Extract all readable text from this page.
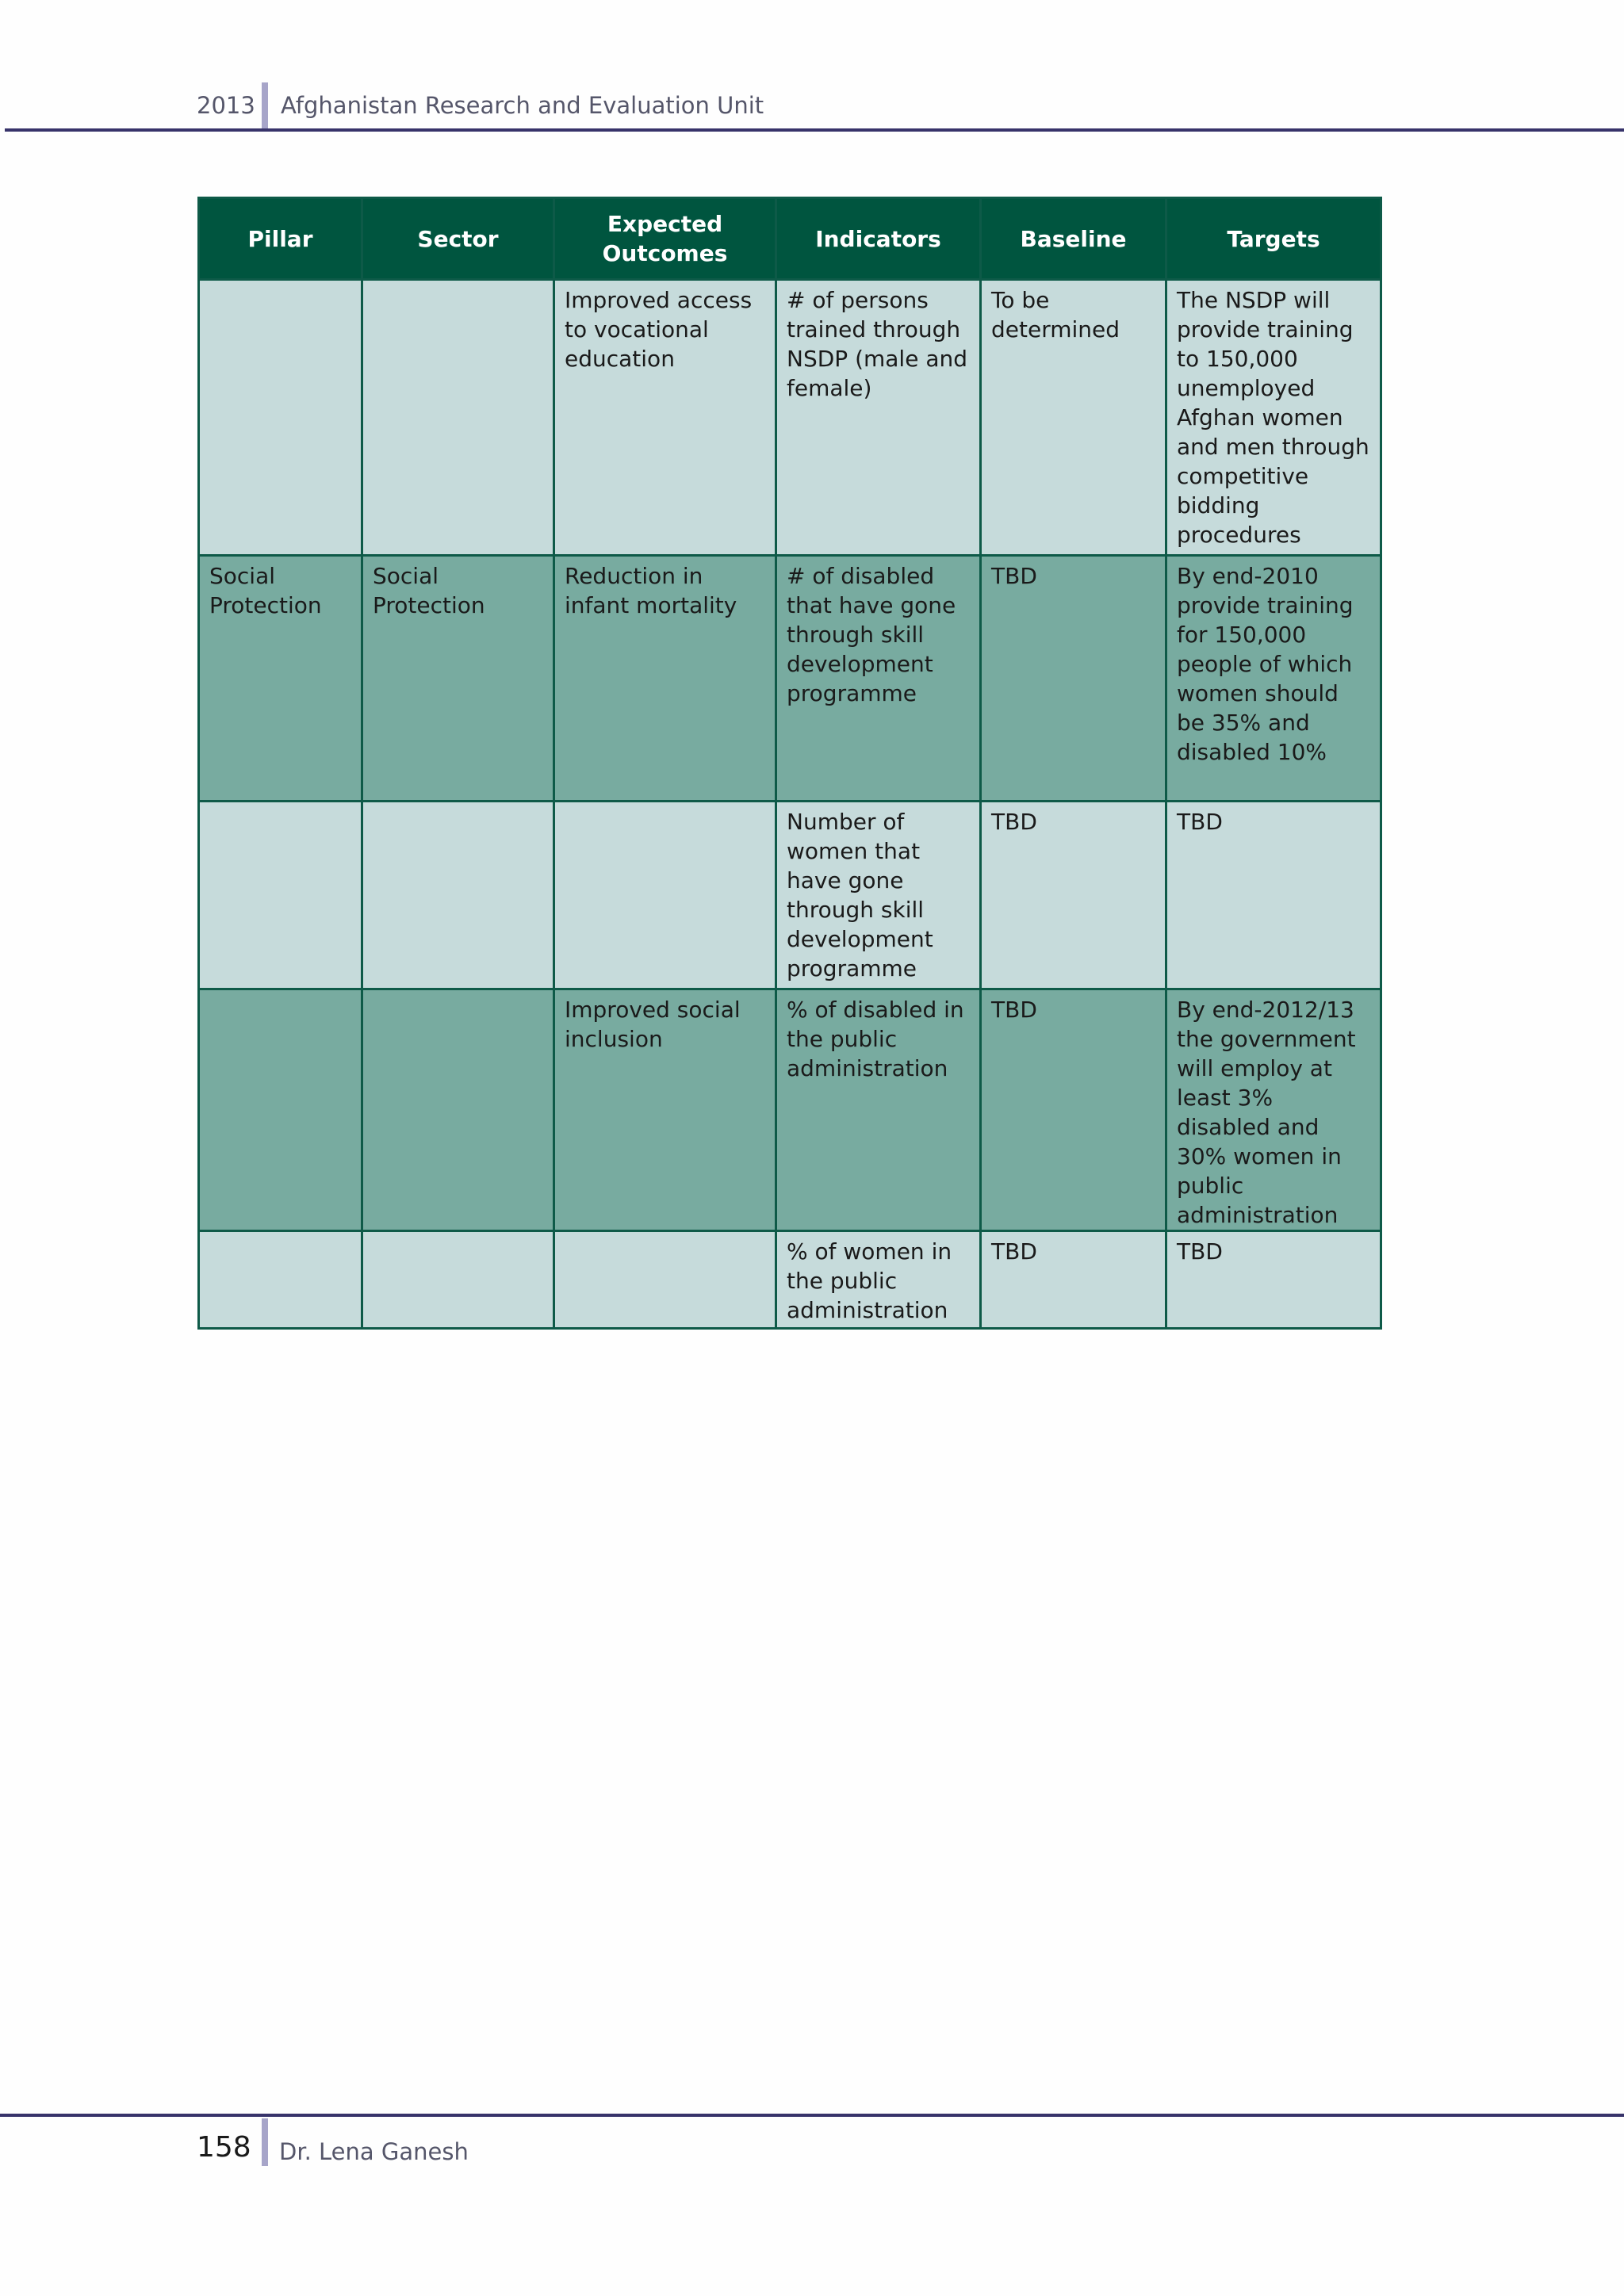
2013 Afghanistan Research and Evaluation Unit
Pillar	Sector	Expected Outcomes	Indicators	Baseline	Targets
		Improved access to vocational education	# of persons trained through NSDP (male and female)	To be determined	The NSDP will provide training to 150,000 unemployed Afghan women and men through competitive bidding procedures
Social Protection	Social Protection	Reduction in infant mortality	# of disabled that have gone through skill development programme	TBD	By end-2010 provide training for 150,000 people of which women should be 35% and disabled 10%
			Number of women that have gone through skill development programme	TBD	TBD
		Improved social inclusion	% of disabled in the public administration	TBD	By end-2012/13 the government will employ at least 3% disabled and 30% women in public administration
			% of women in the public administration	TBD	TBD
158 Dr. Lena Ganesh
